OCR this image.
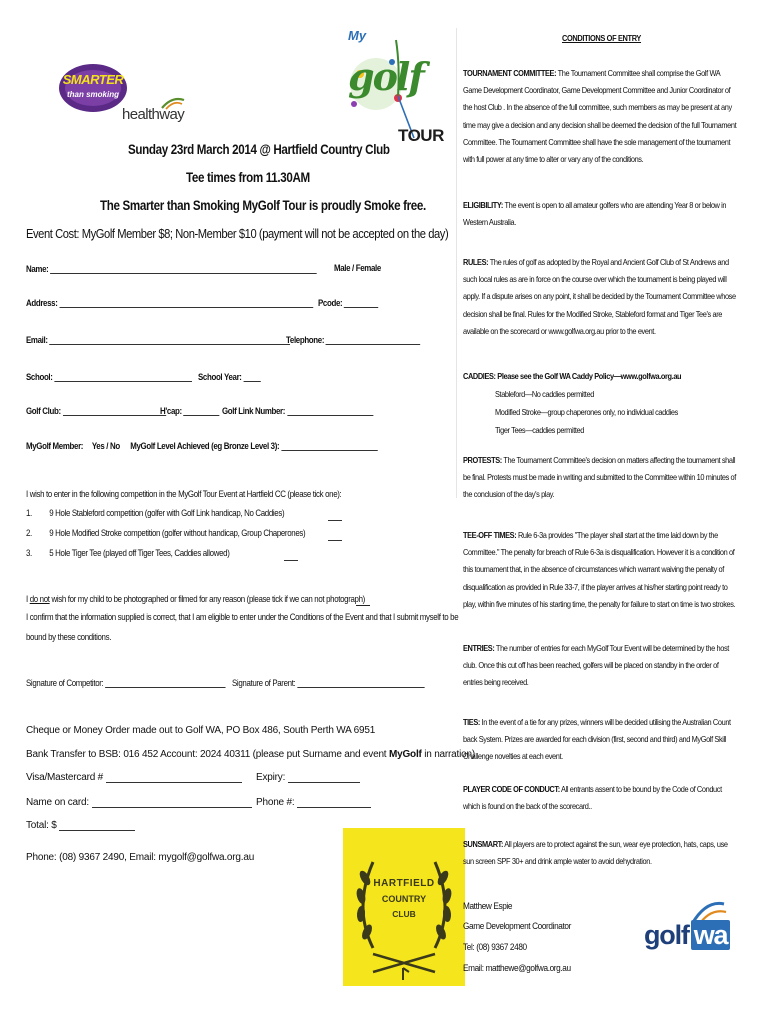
SMARTER
than smoking
healthway
My
golf
TOUR
Sunday 23rd March 2014 @ Hartfield Country Club
Tee times from 11.30AM
The Smarter than Smoking MyGolf Tour is proudly Smoke free.
Event Cost: MyGolf Member $8; Non-Member $10 (payment will not be accepted on the day)
Name:	Male / Female
Address:	Pcode:
Email:	Telephone:
School:	School Year:
Golf Club:	H'cap:	Golf Link Number:
MyGolf Member: Yes / No MyGolf Level Achieved (eg Bronze Level 3):
I wish to enter in the following competition in the MyGolf Tour Event at Hartfield CC (please tick one):
1. 9 Hole Stableford competition (golfer with Golf Link handicap, No Caddies)
2. 9 Hole Modified Stroke competition (golfer without handicap, Group Chaperones)
3. 5 Hole Tiger Tee (played off Tiger Tees, Caddies allowed)
I do not wish for my child to be photographed or filmed for any reason (please tick if we can not photograph)
I confirm that the information supplied is correct, that I am eligible to enter under the Conditions of the Event and that I submit myself to be
bound by these conditions.
Signature of Competitor:	Signature of Parent:
Cheque or Money Order made out to Golf WA, PO Box 486, South Perth WA 6951
Bank Transfer to BSB: 016 452 Account: 2024 40311 (please put Surname and event MyGolf in narration)
Visa/Mastercard #	Expiry:
Name on card:	Phone #:
Total: $
Phone: (08) 9367 2490, Email: mygolf@golfwa.org.au
HARTFIELD
COUNTRY
CLUB
CONDITIONS OF ENTRY
TOURNAMENT COMMITTEE: The Tournament Committee shall comprise the Golf WA Game Development Coordinator, Game Development Committee and Junior Coordinator of the host Club . In the absence of the full committee, such members as may be present at any time may give a decision and any decision shall be deemed the decision of the full Tournament Committee. The Tournament Committee shall have the sole management of the tournament with full power at any time to alter or vary any of the conditions.
ELIGIBILITY: The event is open to all amateur golfers who are attending Year 8 or below in Western Australia.
RULES: The rules of golf as adopted by the Royal and Ancient Golf Club of St Andrews and such local rules as are in force on the course over which the tournament is being played will apply. If a dispute arises on any point, it shall be decided by the Tournament Committee whose decision shall be final. Rules for the Modified Stroke, Stableford format and Tiger Tee's are available on the scorecard or www.golfwa.org.au prior to the event.
CADDIES: Please see the Golf WA Caddy Policy—www.golfwa.org.au
Stableford—No caddies permitted
Modified Stroke—group chaperones only, no individual caddies
Tiger Tees—caddies permitted
PROTESTS: The Tournament Committee's decision on matters affecting the tournament shall be final. Protests must be made in writing and submitted to the Committee within 10 minutes of the conclusion of the day's play.
TEE-OFF TIMES: Rule 6-3a provides "The player shall start at the time laid down by the Committee." The penalty for breach of Rule 6-3a is disqualification. However it is a condition of this tournament that, in the absence of circumstances which warrant waiving the penalty of disqualification as provided in Rule 33-7, if the player arrives at his/her starting point ready to play, within five minutes of his starting time, the penalty for failure to start on time is two strokes.
ENTRIES: The number of entries for each MyGolf Tour Event will be determined by the host club. Once this cut off has been reached, golfers will be placed on standby in the order of entries being received.
TIES: In the event of a tie for any prizes, winners will be decided utilising the Australian Count back System. Prizes are awarded for each division (first, second and third) and MyGolf Skill Challenge novelties at each event.
PLAYER CODE OF CONDUCT: All entrants assent to be bound by the Code of Conduct which is found on the back of the scorecard..
SUNSMART: All players are to protect against the sun, wear eye protection, hats, caps, use sun screen SPF 30+ and drink ample water to avoid dehydration.
Matthew Espie
Game Development Coordinator
Tel: (08) 9367 2480
Email: matthewe@golfwa.org.au
golf wa
